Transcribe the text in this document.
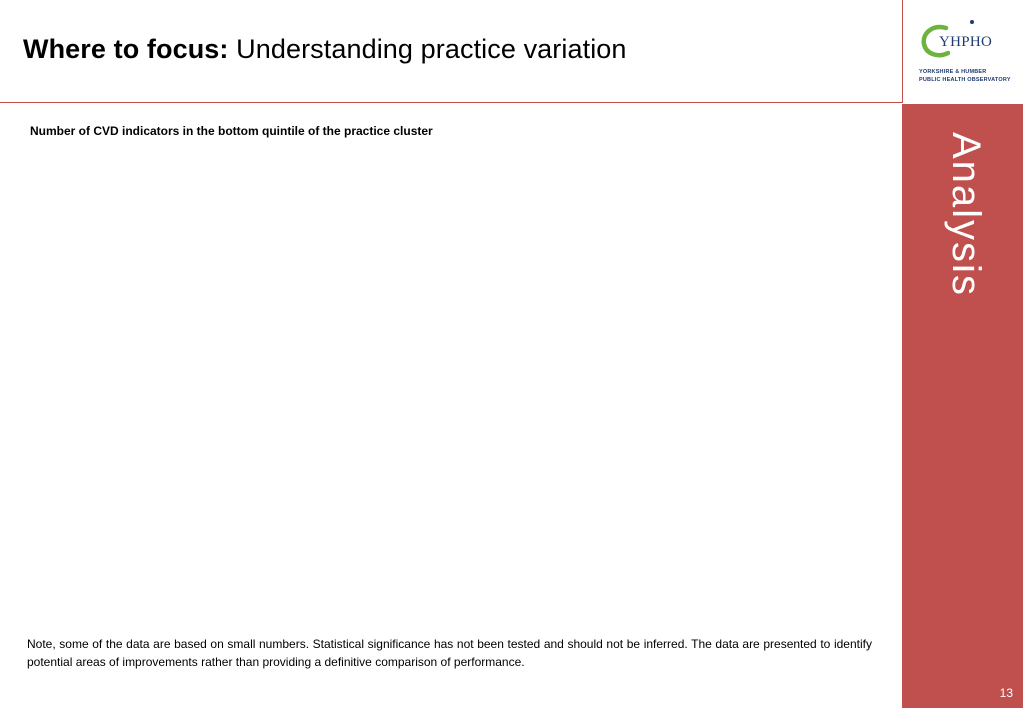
Where to focus: Understanding practice variation	YHPHO
YORKSHIRE & HUMBER
PUBLIC HEALTH OBSERVATORY
13
Analysis
Number of CVD indicators in the bottom quintile of the practice cluster
Note, some of the data are based on small numbers. Statistical significance has not been tested and should not be inferred. The data are presented to identify potential areas of improvements rather than providing a definitive comparison of performance.
